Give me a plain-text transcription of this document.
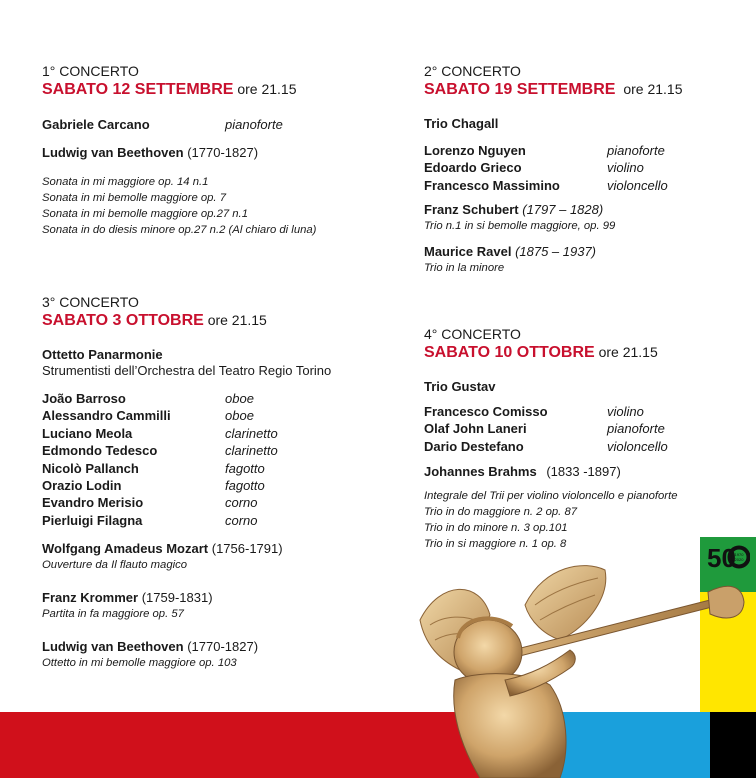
1° CONCERTO
SABATO 12 SETTEMBRE ore 21.15
Gabriele Carcano	pianoforte
Ludwig van Beethoven (1770-1827)
Sonata in mi maggiore op. 14 n.1
Sonata in mi bemolle maggiore op. 7
Sonata in mi bemolle maggiore op.27 n.1
Sonata in do diesis minore op.27 n.2 (Al chiaro di luna)
2° CONCERTO
SABATO 19 SETTEMBRE ore 21.15
Trio Chagall
Lorenzo Nguyen	pianoforte
Edoardo Grieco	violino
Francesco Massimino	violoncello
Franz Schubert (1797 – 1828)
Trio n.1 in si bemolle maggiore, op. 99
Maurice Ravel (1875 – 1937)
Trio in la minore
3° CONCERTO
SABATO 3 OTTOBRE ore 21.15
Ottetto Panarmonie
Strumentisti dell’Orchestra del Teatro Regio Torino
João Barroso	oboe
Alessandro Cammilli	oboe
Luciano Meola	clarinetto
Edmondo Tedesco	clarinetto
Nicolò Pallanch	fagotto
Orazio Lodin	fagotto
Evandro Merisio	corno
Pierluigi Filagna	corno
Wolfgang Amadeus Mozart (1756-1791)
Ouverture da Il flauto magico
Franz Krommer (1759-1831)
Partita in fa maggiore op. 57
Ludwig van Beethoven (1770-1827)
Ottetto in mi bemolle maggiore op. 103
4° CONCERTO
SABATO 10 OTTOBRE ore 21.15
Trio Gustav
Francesco Comisso	violino
Olaf John Laneri	pianoforte
Dario Destefano	violoncello
Johannes Brahms (1833 -1897)
Integrale del Trii per violino violoncello e pianoforte
Trio in do maggiore n. 2 op. 87
Trio in do minore n. 3 op.101
Trio in si maggiore n. 1 op. 8	50
1970
2020
